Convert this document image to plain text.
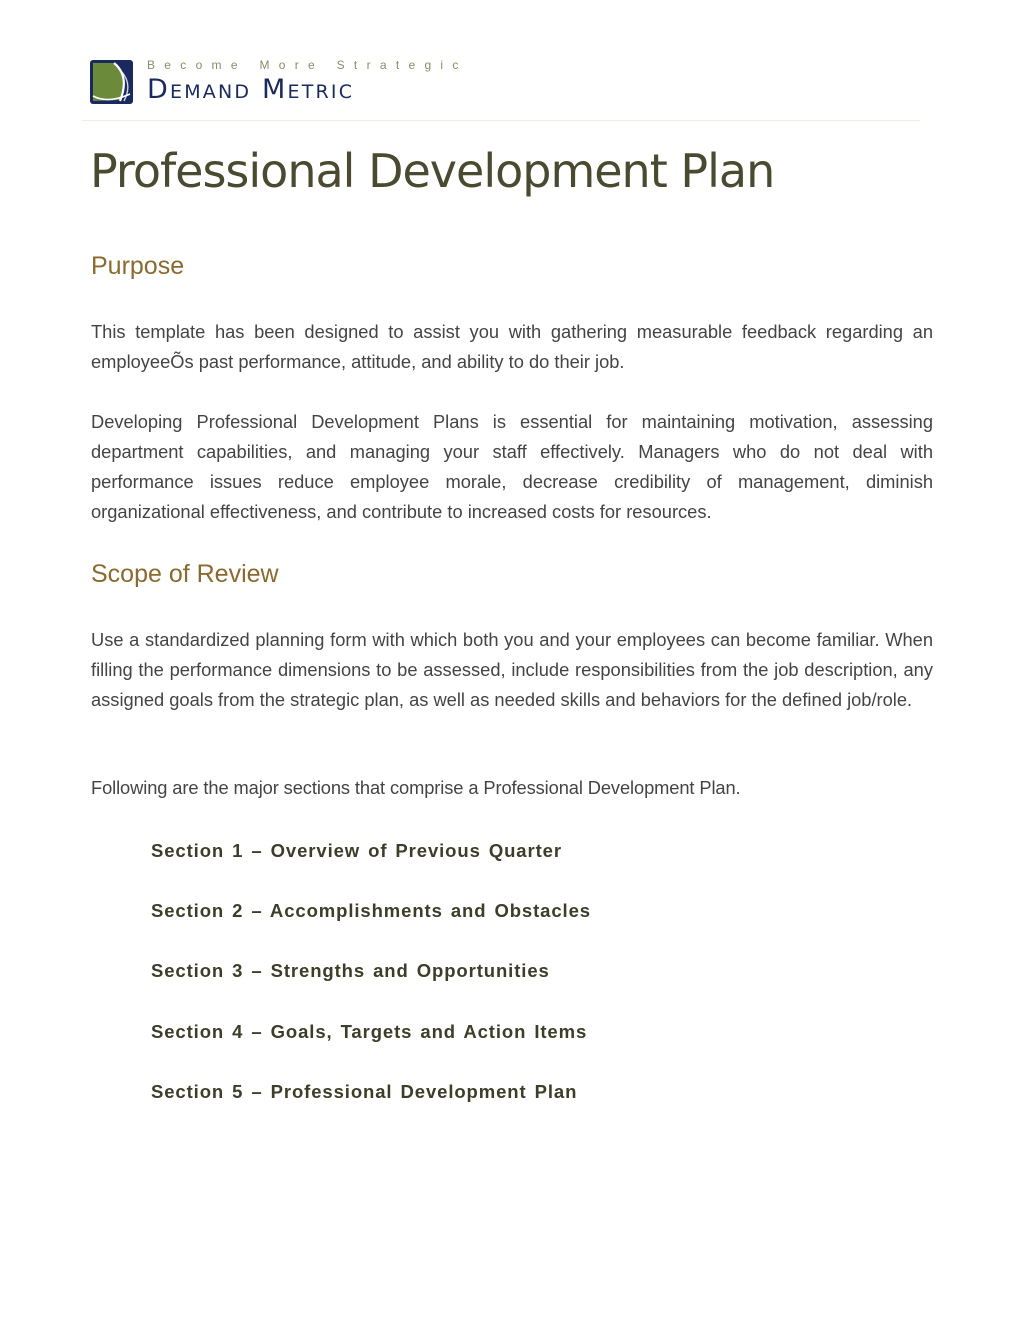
Become More Strategic
Demand Metric
Professional Development Plan
Purpose

This template has been designed to assist you with gathering measurable feedback regarding an employeeÕs past performance, attitude, and ability to do their job.

Developing Professional Development Plans is essential for maintaining motivation, assessing department capabilities, and managing your staff effectively. Managers who do not deal with performance issues reduce employee morale, decrease credibility of management, diminish organizational effectiveness, and contribute to increased costs for resources.

Scope of Review

Use a standardized planning form with which both you and your employees can become familiar. When filling the performance dimensions to be assessed, include responsibilities from the job description, any assigned goals from the strategic plan, as well as needed skills and behaviors for the defined job/role.

Following are the major sections that comprise a Professional Development Plan.

Section 1 – Overview of Previous Quarter
Section 2 – Accomplishments and Obstacles
Section 3 – Strengths and Opportunities
Section 4 – Goals, Targets and Action Items
Section 5 – Professional Development Plan
